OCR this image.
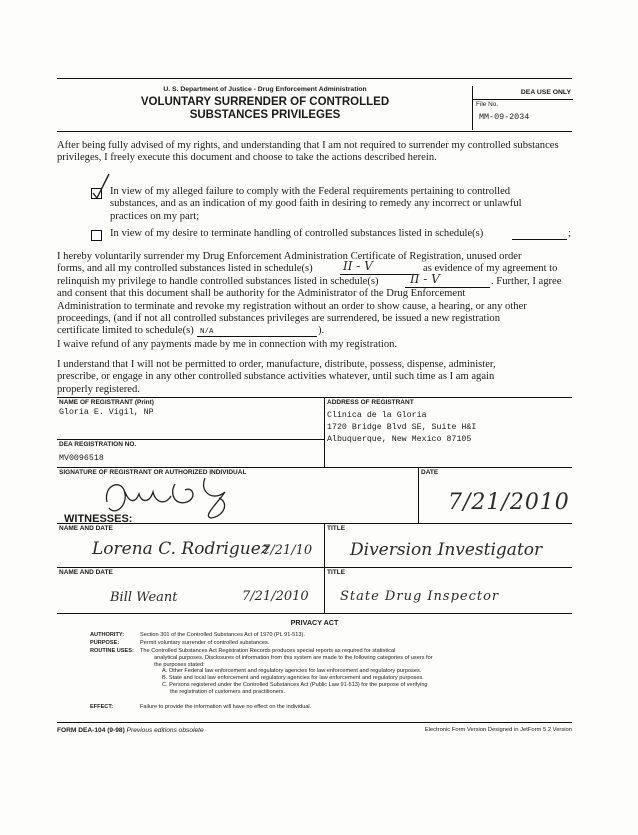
U. S. Department of Justice - Drug Enforcement Administration
VOLUNTARY SURRENDER OF CONTROLLED
SUBSTANCES PRIVILEGES
DEA USE ONLY
File No.
MM-09-2034
After being fully advised of my rights, and understanding that I am not required to surrender my controlled substances privileges, I freely execute this document and choose to take the actions described herein.
In view of my alleged failure to comply with the Federal requirements pertaining to controlled
substances, and as an indication of my good faith in desiring to remedy any incorrect or unlawful
practices on my part;
In view of my desire to terminate handling of controlled substances listed in schedule(s)	;
I hereby voluntarily surrender my Drug Enforcement Administration Certificate of Registration, unused order
forms, and all my controlled substances listed in schedule(s)	II - V	as evidence of my agreement to
relinquish my privilege to handle controlled substances listed in schedule(s)	II - V	. Further, I agree
and consent that this document shall be authority for the Administrator of the Drug Enforcement
Administration to terminate and revoke my registration without an order to show cause, a hearing, or any other
proceedings, (and if not all controlled substances privileges are surrendered, be issued a new registration
certificate limited to schedule(s) N/A	).
I waive refund of any payments made by me in connection with my registration.
I understand that I will not be permitted to order, manufacture, distribute, possess, dispense, administer,
prescribe, or engage in any other controlled substance activities whatever, until such time as I am again
properly registered.
NAME OF REGISTRANT (Print)
Gloria E. Vigil, NP
ADDRESS OF REGISTRANT
Clinica de la Gloria
1720 Bridge Blvd SE, Suite H&I
Albuquerque, New Mexico 87105
DEA REGISTRATION NO.
MV0096518
SIGNATURE OF REGISTRANT OR AUTHORIZED INDIVIDUAL	DATE
7/21/2010
WITNESSES:
NAME AND DATE	TITLE
Lorena C. Rodriguez
7/21/10 Diversion Investigator
NAME AND DATE	TITLE
Bill Weant	7/21/2010 State Drug Inspector
PRIVACY ACT
AUTHORITY:	Section 301 of the Controlled Substances Act of 1970 (PL 91-513).
PURPOSE:	Permit voluntary surrender of controlled substances.
ROUTINE USES:	The Controlled Substances Act Registration Records produces special reports as required for statistical
analytical purposes. Disclosures of information from this system are made to the following categories of users for
the purposes stated:
A. Other Federal law enforcement and regulatory agencies for law enforcement and regulatory purposes.
B. State and local law enforcement and regulatory agencies for law enforcement and regulatory purposes.
C. Persons registered under the Controlled Substances Act (Public Law 91-513) for the purpose of verifying
the registration of customers and practitioners.
EFFECT:	Failure to provide the information will have no effect on the individual.
FORM DEA-104 (9-98) Previous editions obsolete	Electronic Form Version Designed in JetForm 5.2 Version
